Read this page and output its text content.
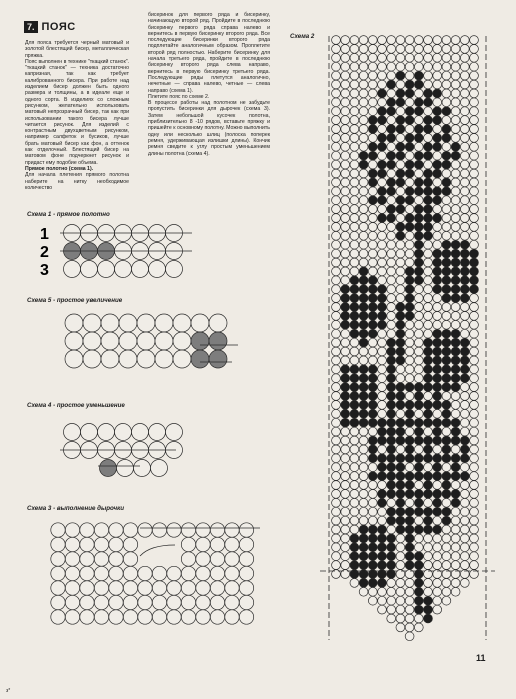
7. ПОЯС

Для пояса требуется черный матовый и золотой блестящий бисер, металлическая пряжка.

Пояс выполнен в технике "ткацкий станок". "ткацкий станок" — техника достаточно капризная, так как требует калиброванного бисера. При работе над изделием бисер должен быть одного размера и толщины, а в идеале еще и одного сорта. В изделиях со сложным рисунком, желательно использовать матовый непрозрачный бисер, так как при использовании такого бисера лучше читается рисунок. Для изделий с контрастным двухцветным рисунком, например салфеток и бусиков, лучше брать матовый бисер как фон, а оттенок как отделочный. Блестящий бисер на матовом фоне подчеркнет рисунок и придаст ему подобие объема.

Прямое полотно (схема 1).

Для начала плетения прямого полотна наберите на нитку необходимое количество

бисеринок для первого ряда и бисеринку, начинающую второй ряд. Пройдите в последнюю бисеринку первого ряда справа налево и вернитесь в первую бисеринку второго ряда. Все последующие бисеринки второго ряда подплетайте аналогичным образом. Проплетите второй ряд полностью. Наберите бисеринку для начала третьего ряда, пройдите в последнюю бисеринку второго ряда слева направо, вернитесь в первую бисеринку третьего ряда. Последующие ряды плетутся аналогично, нечетные — справа налево, четные — слева направо (схема 1).

Плетите пояс по схеме 2.

В процессе работы над полотном не забудьте пропустить бисеринки для дырочек (схема 3). Затем небольшой кусочек полотна, приблизительно 8 -10 рядов, вставьте пряжку и пришейте к основному полотну. Можно выполнить одну или несколько шлиц (полоска поперек ремня, удерживающая излишки длины). Кончик ремня сведите к углу простым уменьшением длины полотна (схема 4).

Схема 1 - прямое полотно
Схема 5 - простое увеличение
Схема 4 - простое уменьшение
Схема 3 - выполнение дырочки
Схема 2
1
2
3
11
з*
